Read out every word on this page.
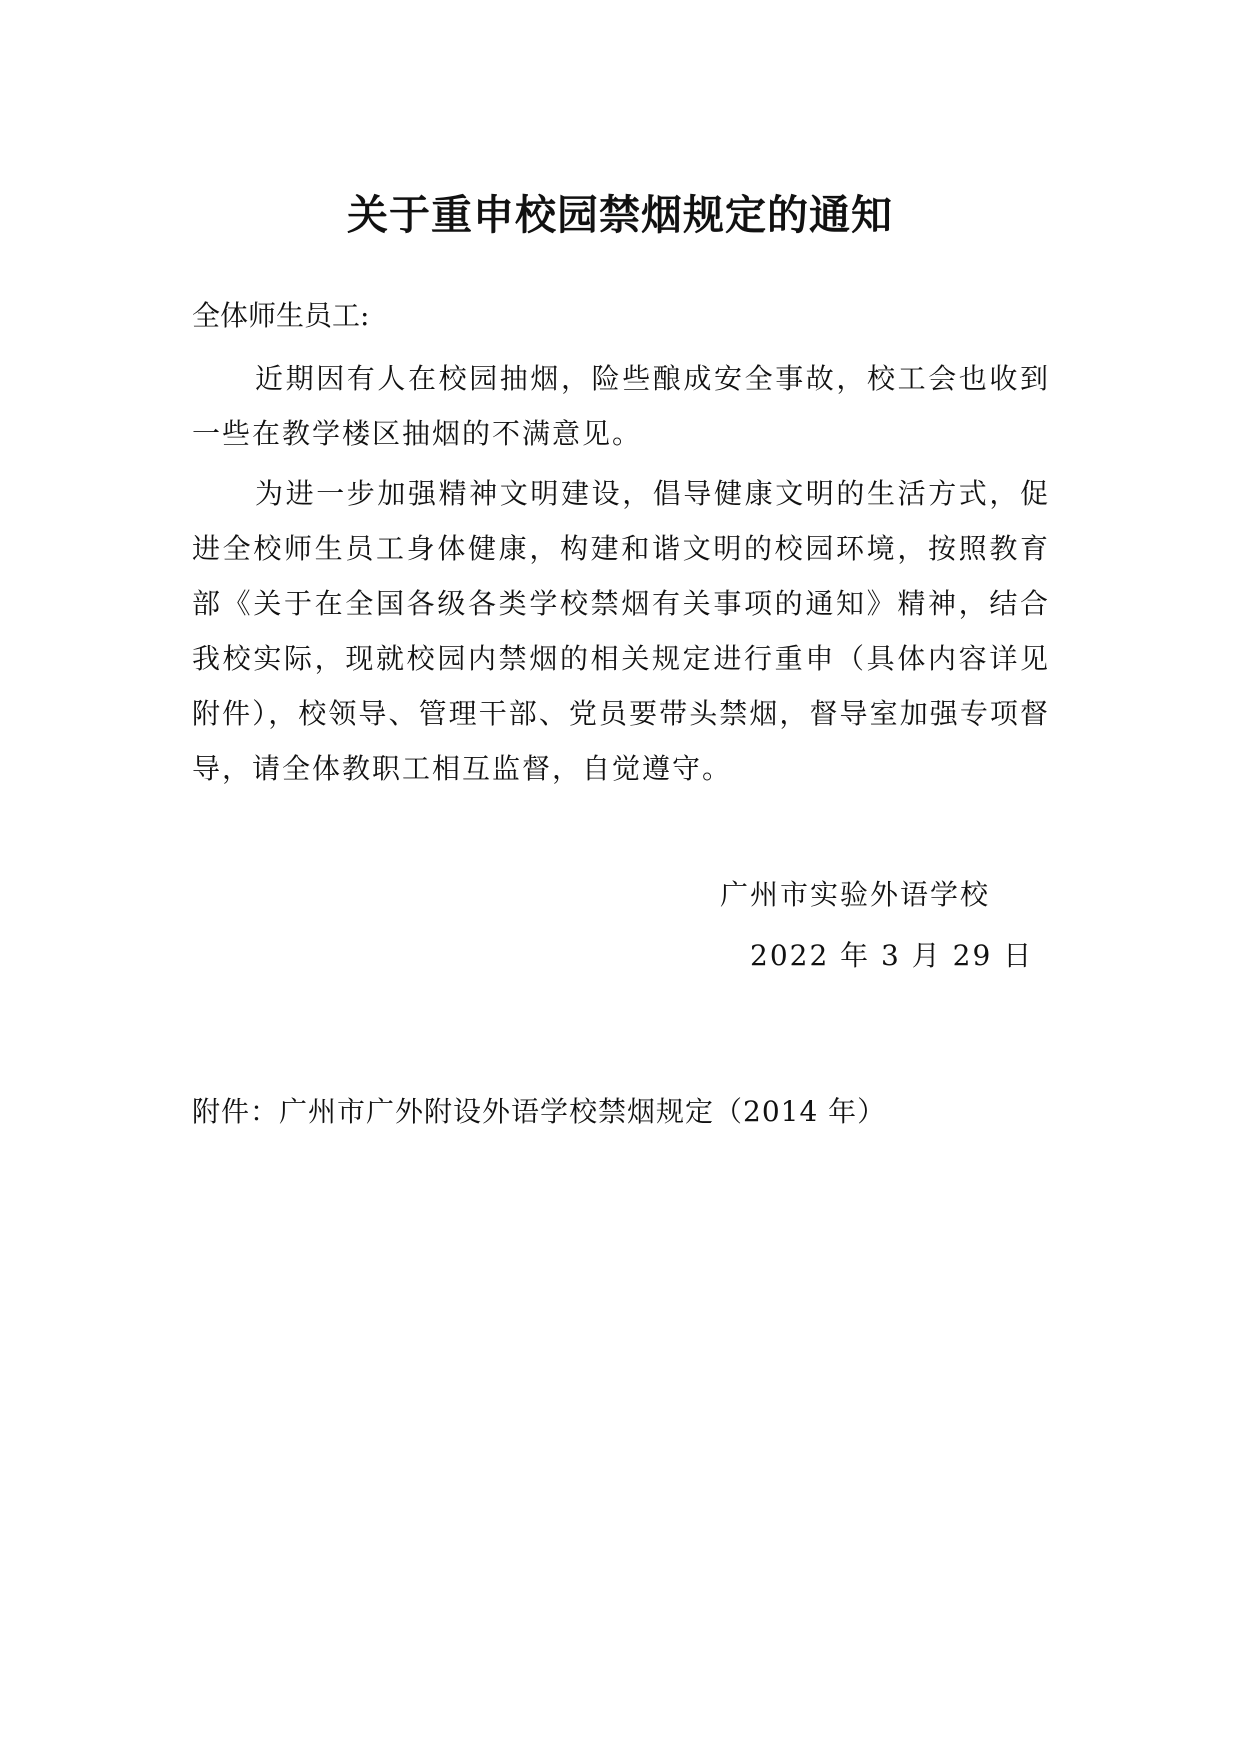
关于重申校园禁烟规定的通知

全体师生员工:

近期因有人在校园抽烟，险些酿成安全事故，校工会也收到一些在教学楼区抽烟的不满意见。

为进一步加强精神文明建设，倡导健康文明的生活方式，促进全校师生员工身体健康，构建和谐文明的校园环境，按照教育部《关于在全国各级各类学校禁烟有关事项的通知》精神，结合我校实际，现就校园内禁烟的相关规定进行重申（具体内容详见附件），校领导、管理干部、党员要带头禁烟，督导室加强专项督导，请全体教职工相互监督，自觉遵守。

广州市实验外语学校

2022 年 3 月 29 日

附件：广州市广外附设外语学校禁烟规定（2014 年）
